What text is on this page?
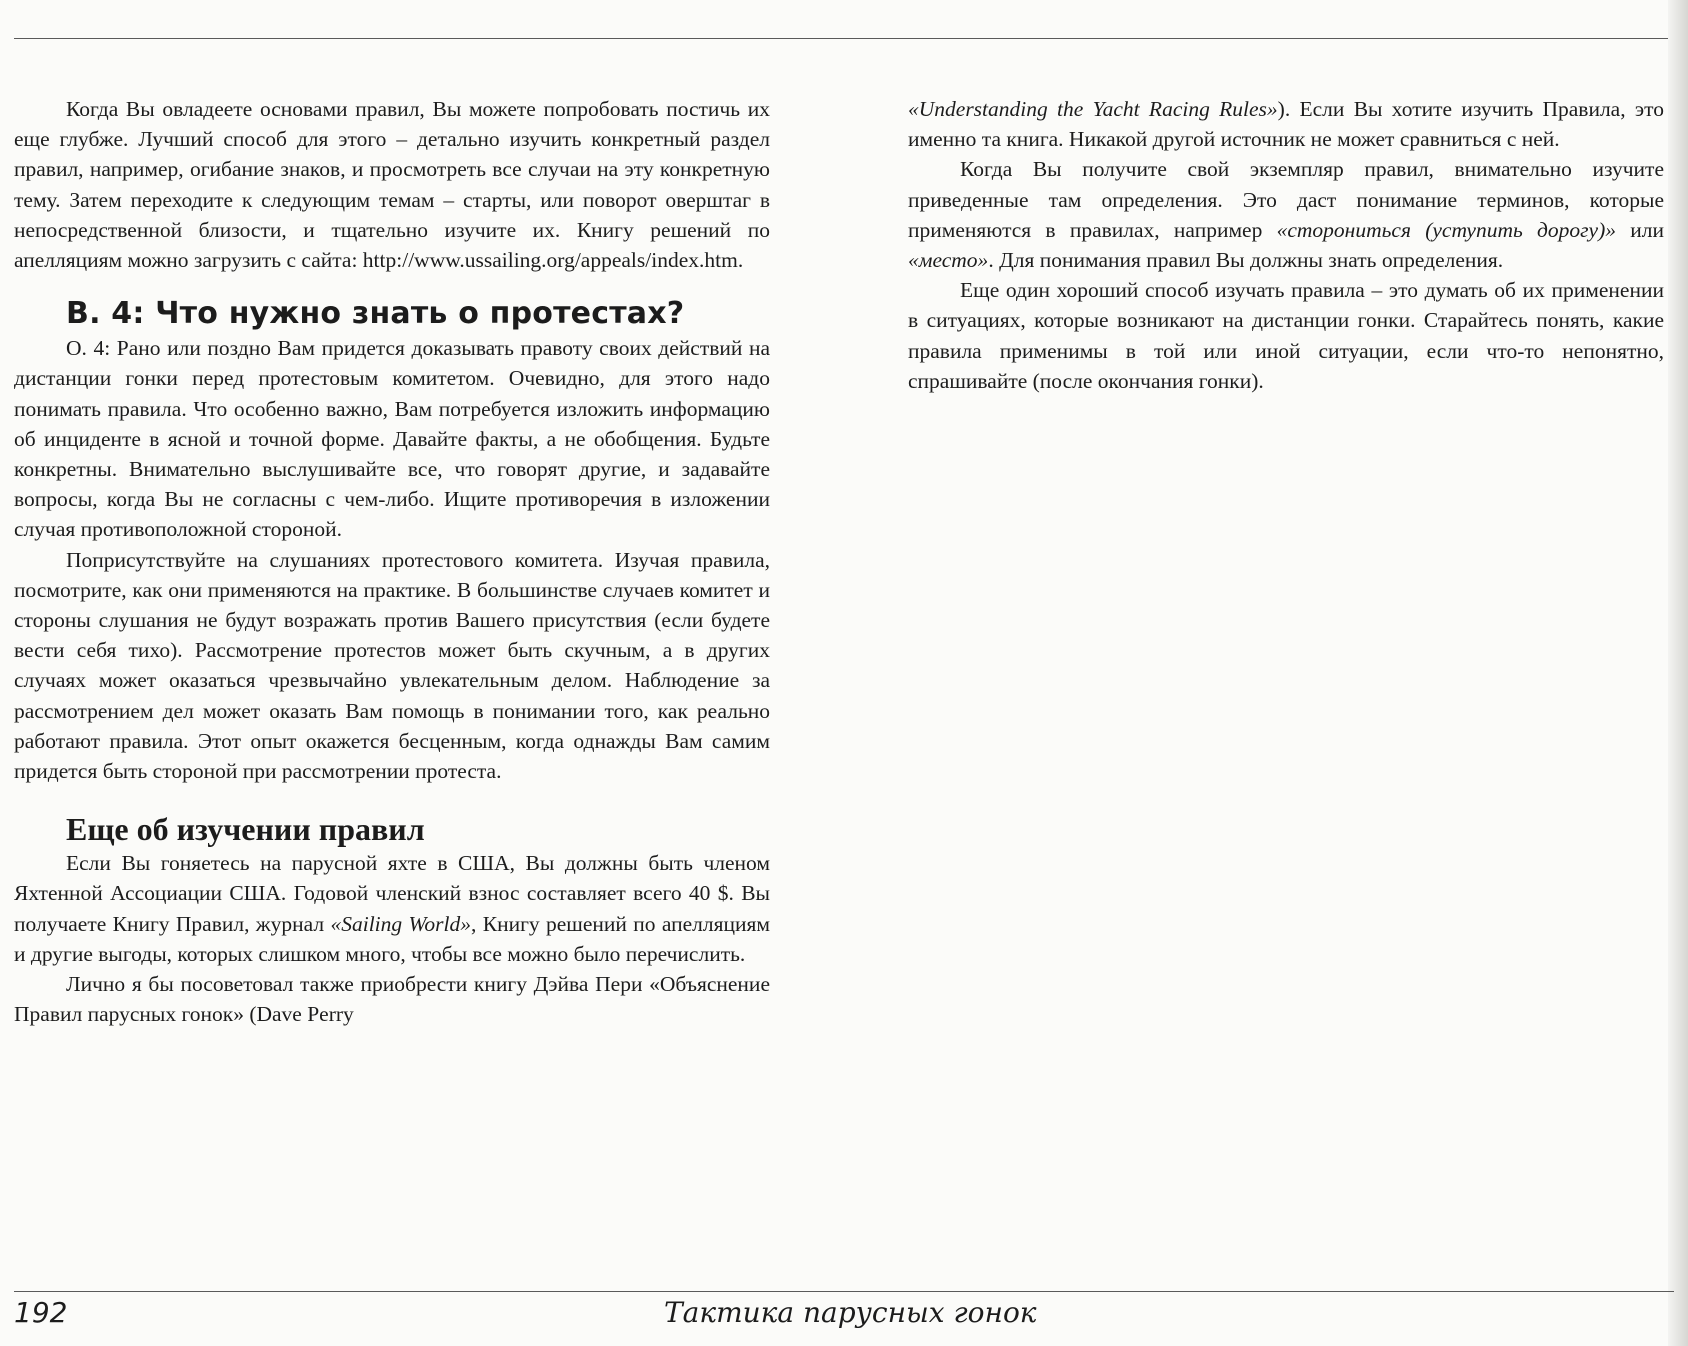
Когда Вы овладеете основами правил, Вы можете попробовать постичь их еще глубже. Лучший способ для этого – детально изучить конкретный раздел правил, например, огибание знаков, и просмотреть все случаи на эту конкретную тему. Затем переходите к следующим темам – старты, или поворот оверштаг в непосредственной близости, и тщательно изучите их. Книгу решений по апелляциям можно загрузить с сайта: http://www.ussailing.org/appeals/index.htm.

В. 4: Что нужно знать о протестах?

О. 4: Рано или поздно Вам придется доказывать правоту своих действий на дистанции гонки перед протестовым комитетом. Очевидно, для этого надо понимать правила. Что особенно важно, Вам потребуется изложить информацию об инциденте в ясной и точной форме. Давайте факты, а не обобщения. Будьте конкретны. Внимательно выслушивайте все, что говорят другие, и задавайте вопросы, когда Вы не согласны с чем-либо. Ищите противоречия в изложении случая противоположной стороной.

Поприсутствуйте на слушаниях протестового комитета. Изучая правила, посмотрите, как они применяются на практике. В большинстве случаев комитет и стороны слушания не будут возражать против Вашего присутствия (если будете вести себя тихо). Рассмотрение протестов может быть скучным, а в других случаях может оказаться чрезвычайно увлекательным делом. Наблюдение за рассмотрением дел может оказать Вам помощь в понимании того, как реально работают правила. Этот опыт окажется бесценным, когда однажды Вам самим придется быть стороной при рассмотрении протеста.

Еще об изучении правил

Если Вы гоняетесь на парусной яхте в США, Вы должны быть членом Яхтенной Ассоциации США. Годовой членский взнос составляет всего 40 $. Вы получаете Книгу Правил, журнал «Sailing World», Книгу решений по апелляциям и другие выгоды, которых слишком много, чтобы все можно было перечислить.

Лично я бы посоветовал также приобрести книгу Дэйва Пери «Объяснение Правил парусных гонок» (Dave Perry

«Understanding the Yacht Racing Rules»). Если Вы хотите изучить Правила, это именно та книга. Никакой другой источник не может сравниться с ней.

Когда Вы получите свой экземпляр правил, внимательно изучите приведенные там определения. Это даст понимание терминов, которые применяются в правилах, например «сторониться (уступить дорогу)» или «место». Для понимания правил Вы должны знать определения.

Еще один хороший способ изучать правила – это думать об их применении в ситуациях, которые возникают на дистанции гонки. Старайтесь понять, какие правила применимы в той или иной ситуации, если что-то непонятно, спрашивайте (после окончания гонки).

192	Тактика парусных гонок
